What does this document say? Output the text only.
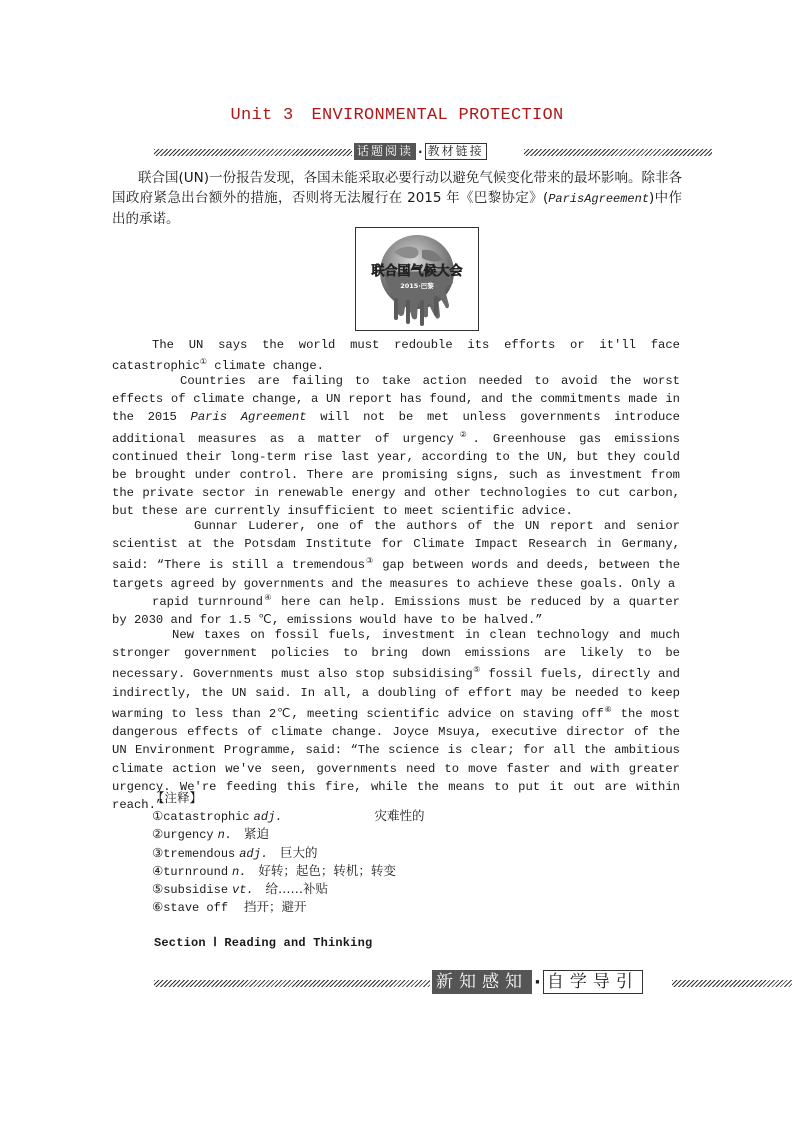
Unit 3 ENVIRONMENTAL PROTECTION
话题阅读 · 教材链接
联合国(UN)一份报告发现，各国未能采取必要行动以避免气候变化带来的最坏影响。除非各国政府紧急出台额外的措施，否则将无法履行在 2015 年《巴黎协定》(ParisAgreement)中作出的承诺。
联合国气候大会
2015·巴黎
The UN says the world must redouble its efforts or it'll face catastrophic① climate change.
Countries are failing to take action needed to avoid the worst effects of climate change, a UN report has found, and the commitments made in the 2015 Paris Agreement will not be met unless governments introduce additional measures as a matter of urgency②. Greenhouse gas emissions continued their long-term rise last year, according to the UN, but they could be brought under control. There are promising signs, such as investment from the private sector in renewable energy and other technologies to cut carbon, but these are currently insufficient to meet scientific advice.
Gunnar Luderer, one of the authors of the UN report and senior scientist at the Potsdam Institute for Climate Impact Research in Germany, said: “There is still a tremendous③ gap between words and deeds, between the targets agreed by governments and the measures to achieve these goals. Only a
rapid turnround④ here can help. Emissions must be reduced by a quarter by 2030 and for 1.5 ℃, emissions would have to be halved.”
New taxes on fossil fuels, investment in clean technology and much stronger government policies to bring down emissions are likely to be necessary. Governments must also stop subsidising⑤ fossil fuels, directly and indirectly, the UN said. In all, a doubling of effort may be needed to keep warming to less than 2℃, meeting scientific advice on staving off⑥ the most dangerous effects of climate change. Joyce Msuya, executive director of the UN Environment Programme, said: “The science is clear; for all the ambitious climate action we've seen, governments need to move faster and with greater urgency. We're feeding this fire, while the means to put it out are within reach.”
【注释】
①catastrophic adj.	灾难性的
②urgency n. 紧迫
③tremendous adj. 巨大的
④turnround n. 好转；起色；转机；转变
⑤subsidise vt. 给……补贴
⑥stave off 挡开；避开
Section Ⅰ Reading and Thinking
新知感知 · 自学导引
